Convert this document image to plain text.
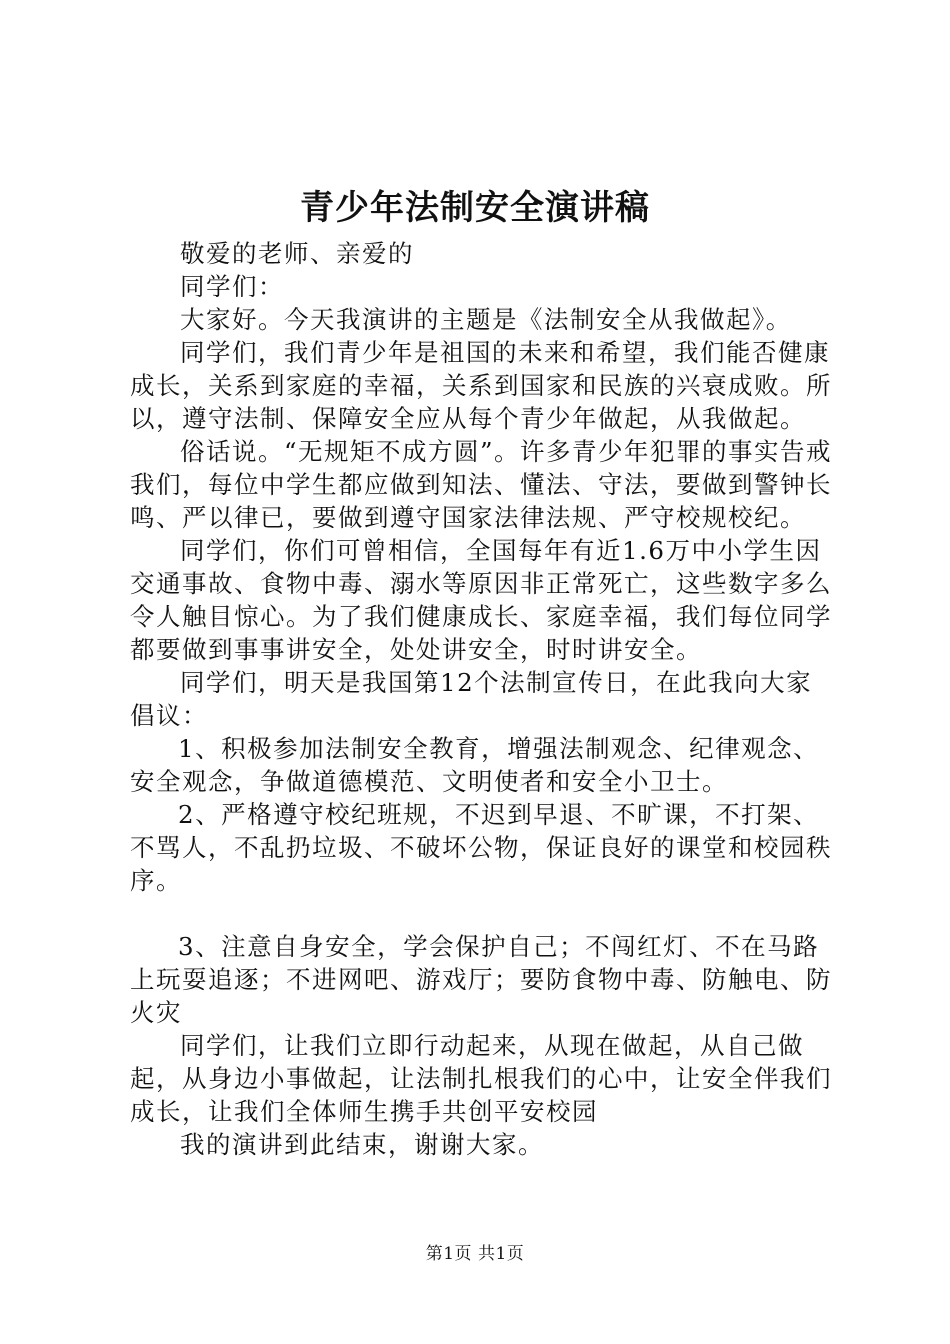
青少年法制安全演讲稿

敬爱的老师、亲爱的

同学们：

大家好。今天我演讲的主题是《法制安全从我做起》。

同学们，我们青少年是祖国的未来和希望，我们能否健康成长，关系到家庭的幸福，关系到国家和民族的兴衰成败。所以，遵守法制、保障安全应从每个青少年做起，从我做起。

俗话说。“无规矩不成方圆”。许多青少年犯罪的事实告戒我们，每位中学生都应做到知法、懂法、守法，要做到警钟长鸣、严以律已，要做到遵守国家法律法规、严守校规校纪。

同学们，你们可曾相信，全国每年有近1.6万中小学生因交通事故、食物中毒、溺水等原因非正常死亡，这些数字多么令人触目惊心。为了我们健康成长、家庭幸福，我们每位同学都要做到事事讲安全，处处讲安全，时时讲安全。

同学们，明天是我国第12个法制宣传日，在此我向大家倡议：

1、积极参加法制安全教育，增强法制观念、纪律观念、安全观念，争做道德模范、文明使者和安全小卫士。

2、严格遵守校纪班规，不迟到早退、不旷课，不打架、不骂人，不乱扔垃圾、不破坏公物，保证良好的课堂和校园秩序。

3、注意自身安全，学会保护自己；不闯红灯、不在马路上玩耍追逐；不进网吧、游戏厅；要防食物中毒、防触电、防火灾

同学们，让我们立即行动起来，从现在做起，从自己做起，从身边小事做起，让法制扎根我们的心中，让安全伴我们成长，让我们全体师生携手共创平安校园

我的演讲到此结束，谢谢大家。

第1页 共1页
